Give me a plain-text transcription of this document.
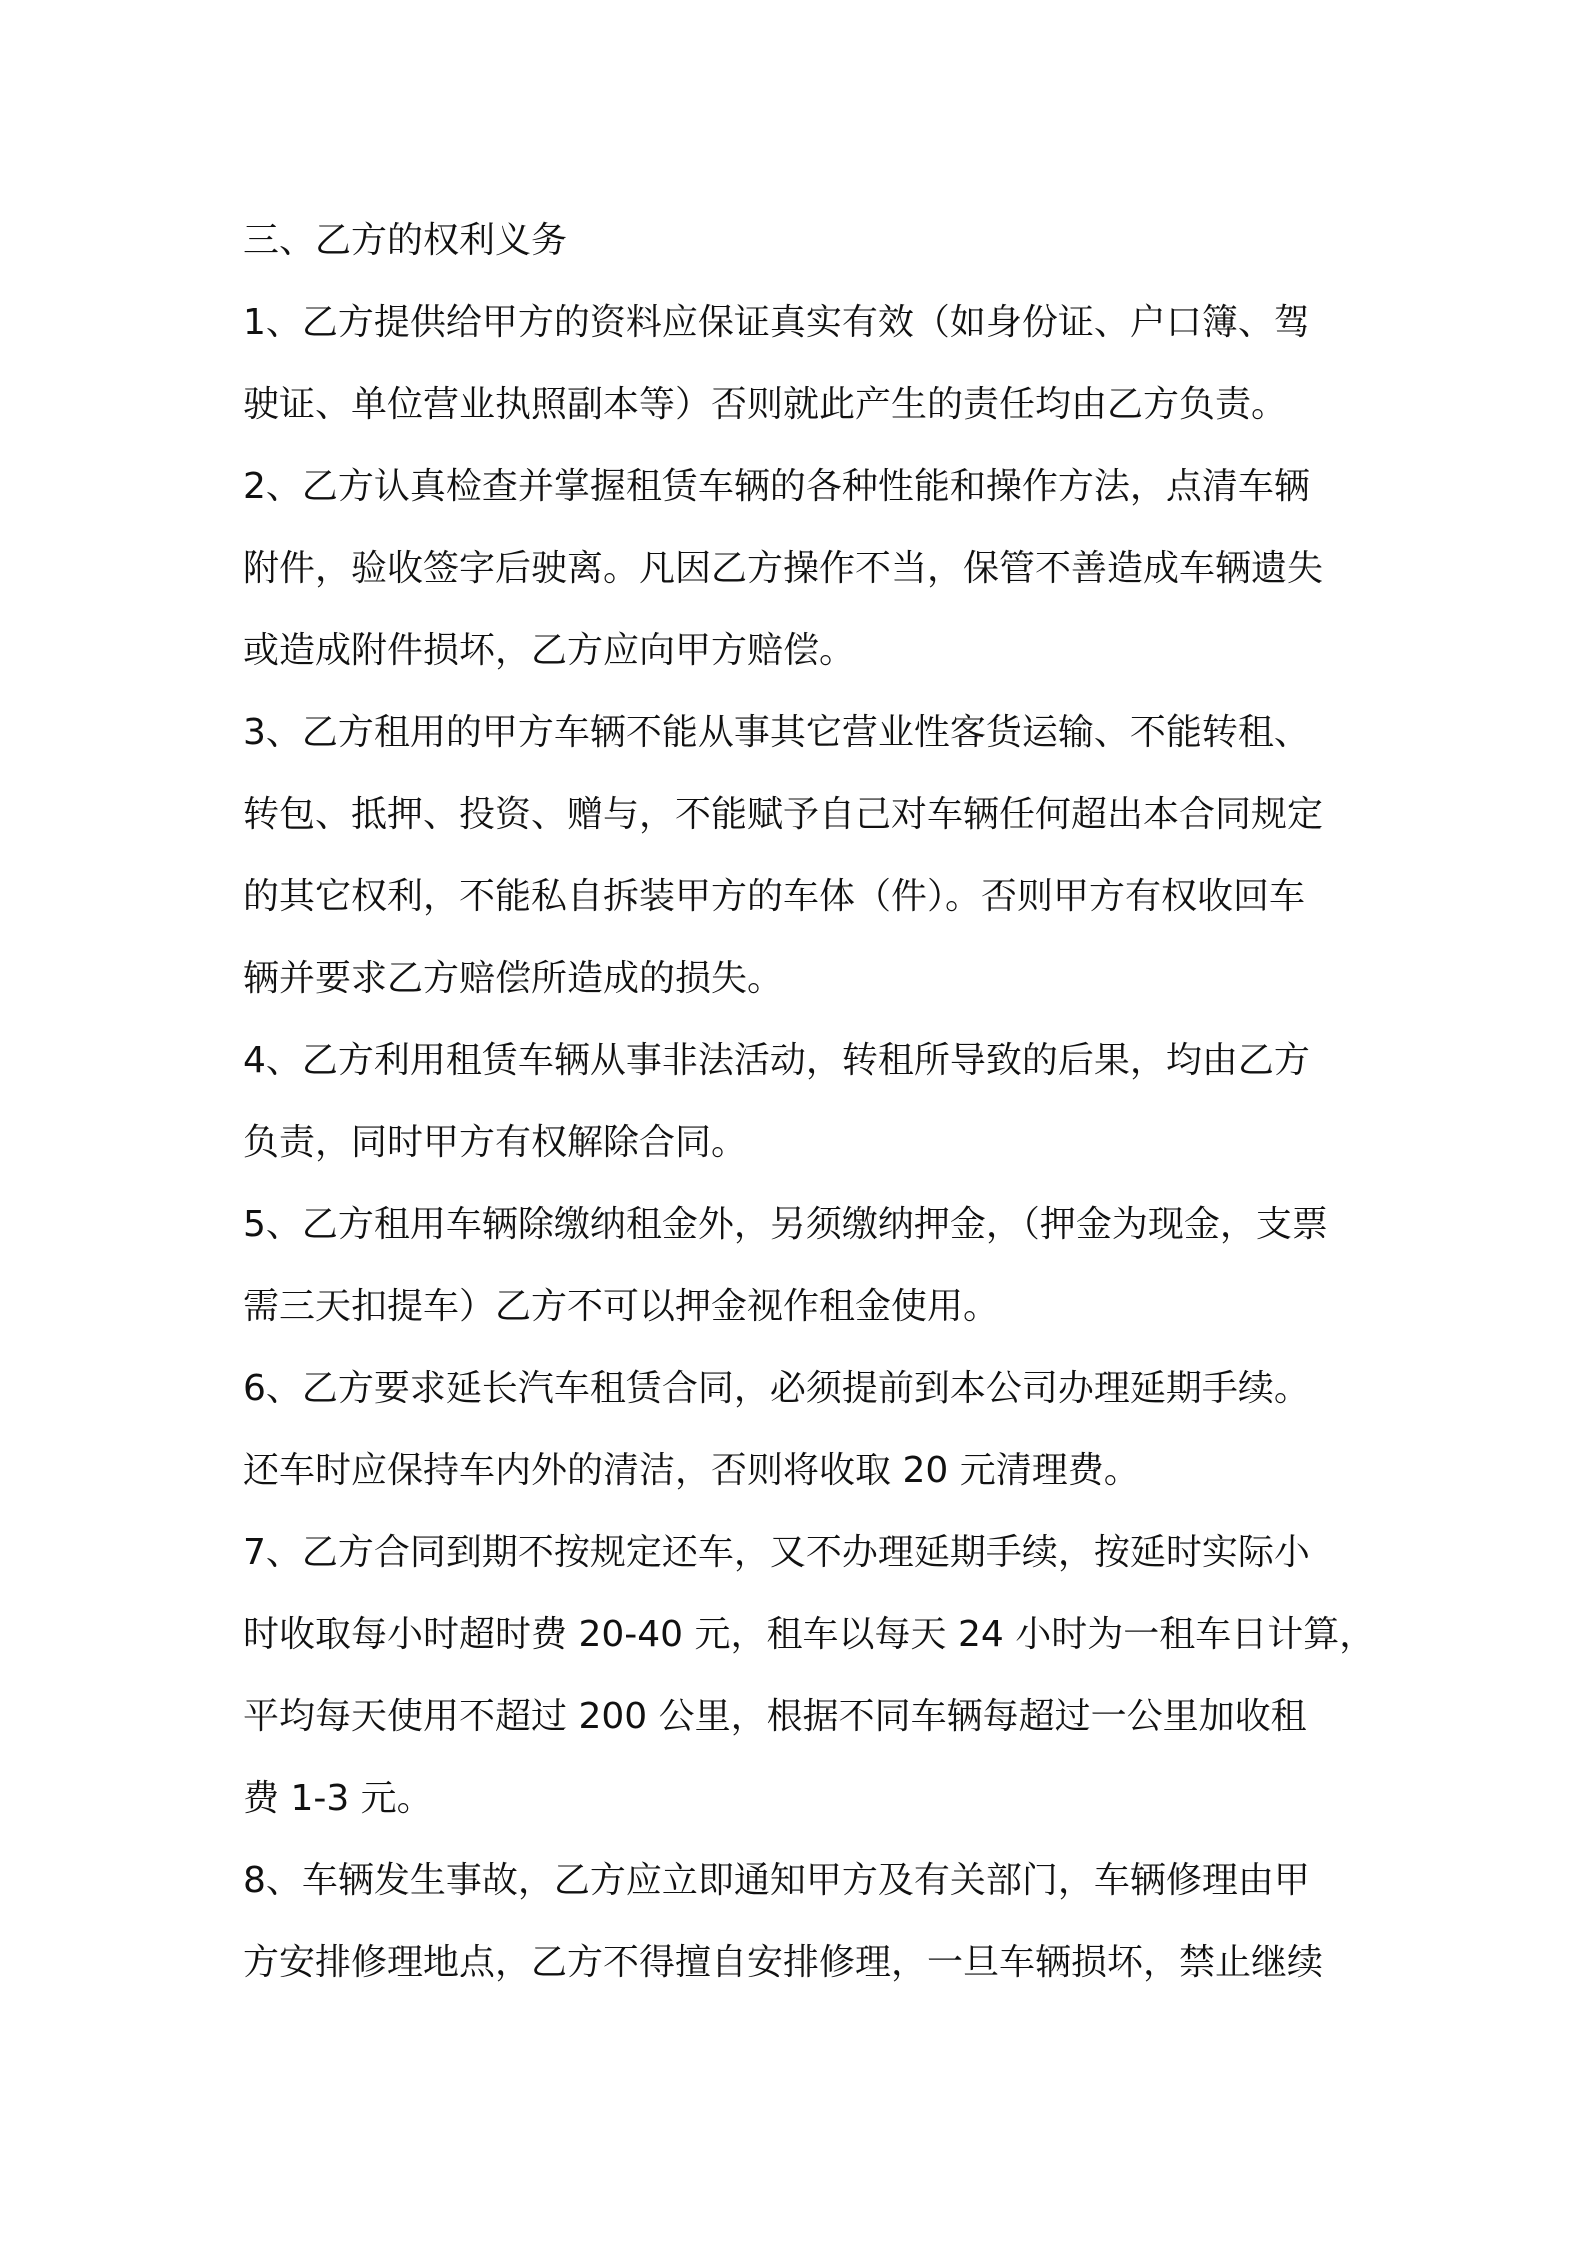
三、乙方的权利义务

1、乙方提供给甲方的资料应保证真实有效（如身份证、户口簿、驾
驶证、单位营业执照副本等）否则就此产生的责任均由乙方负责。

2、乙方认真检查并掌握租赁车辆的各种性能和操作方法，点清车辆
附件，验收签字后驶离。凡因乙方操作不当，保管不善造成车辆遗失
或造成附件损坏，乙方应向甲方赔偿。

3、乙方租用的甲方车辆不能从事其它营业性客货运输、不能转租、
转包、抵押、投资、赠与，不能赋予自己对车辆任何超出本合同规定
的其它权利，不能私自拆装甲方的车体（件）。否则甲方有权收回车
辆并要求乙方赔偿所造成的损失。

4、乙方利用租赁车辆从事非法活动，转租所导致的后果，均由乙方
负责，同时甲方有权解除合同。

5、乙方租用车辆除缴纳租金外，另须缴纳押金，（押金为现金，支票
需三天扣提车）乙方不可以押金视作租金使用。

6、乙方要求延长汽车租赁合同，必须提前到本公司办理延期手续。
还车时应保持车内外的清洁，否则将收取 20 元清理费。

7、乙方合同到期不按规定还车，又不办理延期手续，按延时实际小
时收取每小时超时费 20-40 元，租车以每天 24 小时为一租车日计算，
平均每天使用不超过 200 公里，根据不同车辆每超过一公里加收租
费 1-3 元。

8、车辆发生事故，乙方应立即通知甲方及有关部门，车辆修理由甲
方安排修理地点，乙方不得擅自安排修理，一旦车辆损坏，禁止继续
